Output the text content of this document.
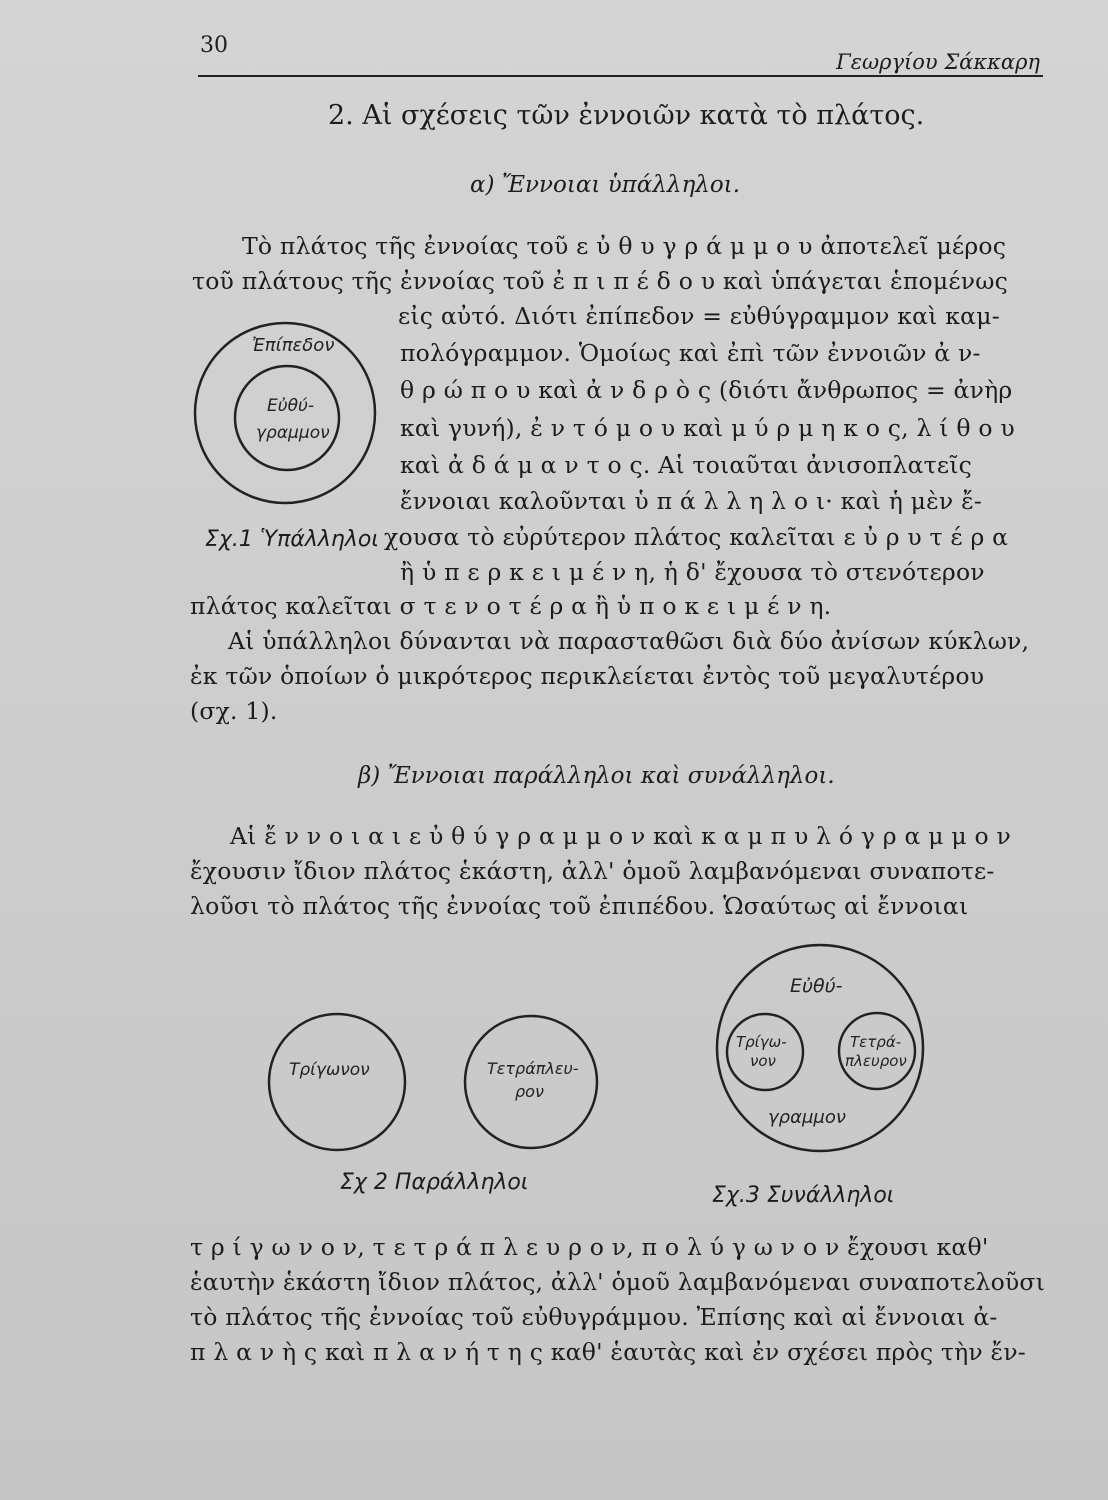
30
Γεωργίου Σάκκαρη
2. Αἱ σχέσεις τῶν ἐννοιῶν κατὰ τὸ πλάτος.
α) Ἔννοιαι ὑπάλληλοι.
Τὸ πλάτος τῆς ἐννοίας τοῦ ε ὐ θ υ γ ρ ά μ μ ο υ ἀποτελεῖ μέρος
τοῦ πλάτους τῆς ἐννοίας τοῦ ἐ π ι π έ δ ο υ καὶ ὑπάγεται ἑπομένως
εἰς αὐτό. Διότι ἐπίπεδον = εὐθύγραμμον καὶ καμ-
πολόγραμμον. Ὁμοίως καὶ ἐπὶ τῶν ἐννοιῶν ἀ ν-
θ ρ ώ π ο υ καὶ ἀ ν δ ρ ὸ ς (διότι ἄνθρωπος = ἀνὴρ
καὶ γυνή), ἐ ν τ ό μ ο υ καὶ μ ύ ρ μ η κ ο ς, λ ί θ ο υ
καὶ ἀ δ ά μ α ν τ ο ς. Αἱ τοιαῦται ἀνισοπλατεῖς
ἔννοιαι καλοῦνται ὑ π ά λ λ η λ ο ι· καὶ ἡ μὲν ἔ-
χουσα τὸ εὐρύτερον πλάτος καλεῖται ε ὐ ρ υ τ έ ρ α
ἢ ὑ π ε ρ κ ε ι μ έ ν η, ἡ δ' ἔχουσα τὸ στενότερον
πλάτος καλεῖται σ τ ε ν ο τ έ ρ α ἢ ὑ π ο κ ε ι μ έ ν η.
Αἱ ὑπάλληλοι δύνανται νὰ παρασταθῶσι διὰ δύο ἀνίσων κύκλων,
ἐκ τῶν ὁποίων ὁ μικρότερος περικλείεται ἐντὸς τοῦ μεγαλυτέρου
(σχ. 1).
Ἐπίπεδον
Εὐθύ-
γραμμον
Σχ.1 Ὑπάλληλοι
β) Ἔννοιαι παράλληλοι καὶ συνάλληλοι.
Αἱ ἔ ν ν ο ι α ι ε ὐ θ ύ γ ρ α μ μ ο ν καὶ κ α μ π υ λ ό γ ρ α μ μ ο ν
ἔχουσιν ἴδιον πλάτος ἑκάστη, ἀλλ' ὁμοῦ λαμβανόμεναι συναποτε-
λοῦσι τὸ πλάτος τῆς ἐννοίας τοῦ ἐπιπέδου. Ὡσαύτως αἱ ἔννοιαι
Τρίγωνον	Τετράπλευ-
ρον
Σχ 2 Παράλληλοι
Εὐθύ-
γραμμον
Τρίγω-
νον
Τετρά-
πλευρον
Σχ.3 Συνάλληλοι
τ ρ ί γ ω ν ο ν, τ ε τ ρ ά π λ ε υ ρ ο ν, π ο λ ύ γ ω ν ο ν ἔχουσι καθ'
ἑαυτὴν ἑκάστη ἴδιον πλάτος, ἀλλ' ὁμοῦ λαμβανόμεναι συναποτελοῦσι
τὸ πλάτος τῆς ἐννοίας τοῦ εὐθυγράμμου. Ἐπίσης καὶ αἱ ἔννοιαι ἀ-
π λ α ν ὴ ς καὶ π λ α ν ή τ η ς καθ' ἑαυτὰς καὶ ἐν σχέσει πρὸς τὴν ἔν-
